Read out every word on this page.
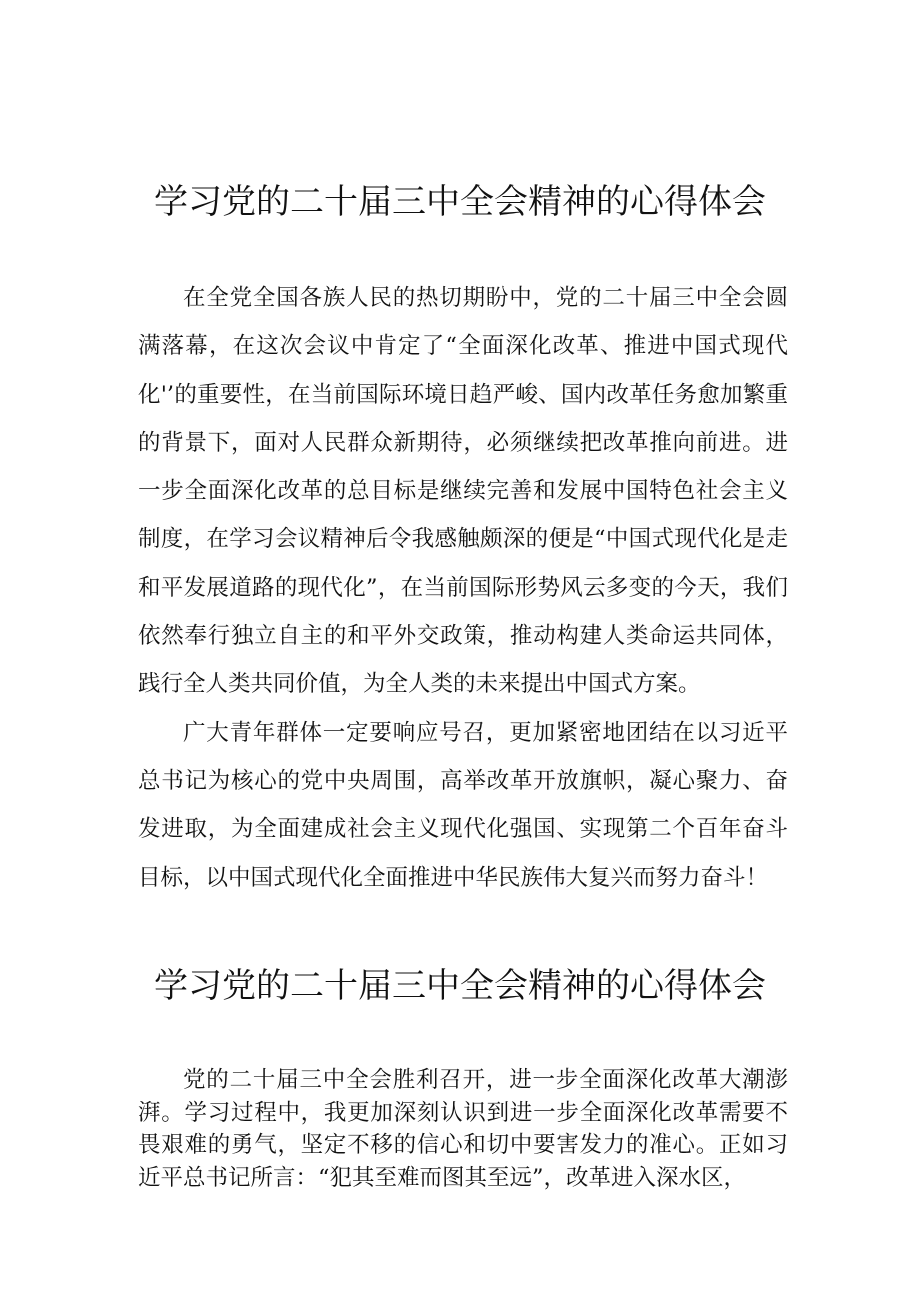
学习党的二十届三中全会精神的心得体会

在全党全国各族人民的热切期盼中，党的二十届三中全会圆满落幕，在这次会议中肯定了“全面深化改革、推进中国式现代化'’的重要性，在当前国际环境日趋严峻、国内改革任务愈加繁重的背景下，面对人民群众新期待，必须继续把改革推向前进。进一步全面深化改革的总目标是继续完善和发展中国特色社会主义制度，在学习会议精神后令我感触颇深的便是“中国式现代化是走和平发展道路的现代化”，在当前国际形势风云多变的今天，我们依然奉行独立自主的和平外交政策，推动构建人类命运共同体，践行全人类共同价值，为全人类的未来提出中国式方案。

广大青年群体一定要响应号召，更加紧密地团结在以习近平总书记为核心的党中央周围，高举改革开放旗帜，凝心聚力、奋发进取，为全面建成社会主义现代化强国、实现第二个百年奋斗目标，以中国式现代化全面推进中华民族伟大复兴而努力奋斗！

学习党的二十届三中全会精神的心得体会

党的二十届三中全会胜利召开，进一步全面深化改革大潮澎湃。学习过程中，我更加深刻认识到进一步全面深化改革需要不畏艰难的勇气，坚定不移的信心和切中要害发力的准心。正如习近平总书记所言：“犯其至难而图其至远”，改革进入深水区，
